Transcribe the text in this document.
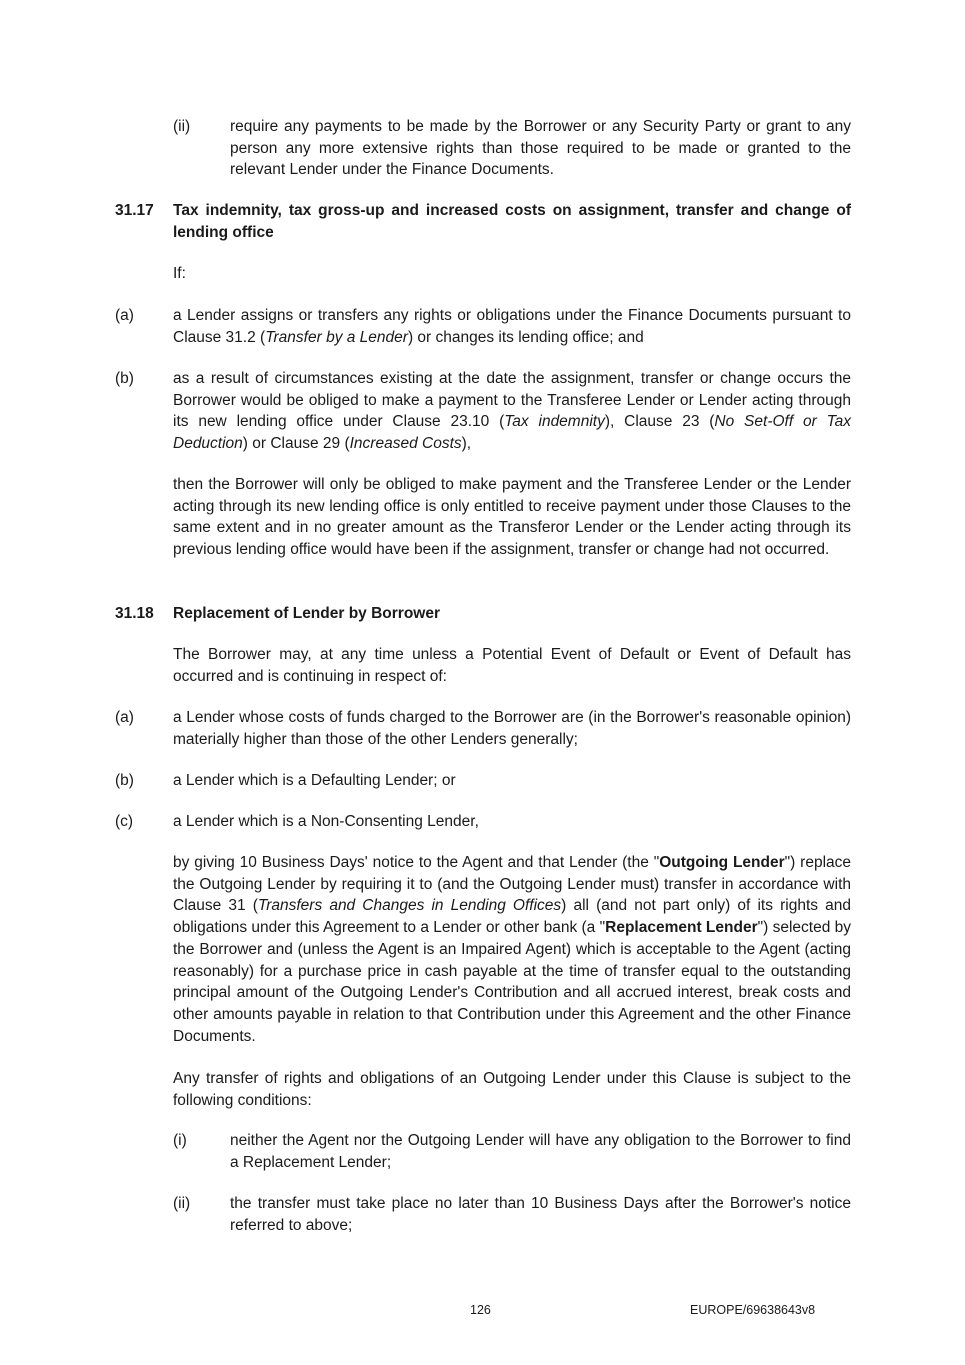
(ii)	require any payments to be made by the Borrower or any Security Party or grant to any person any more extensive rights than those required to be made or granted to the relevant Lender under the Finance Documents.

31.17 Tax indemnity, tax gross-up and increased costs on assignment, transfer and change of lending office

If:

(a)	a Lender assigns or transfers any rights or obligations under the Finance Documents pursuant to Clause 31.2 (Transfer by a Lender) or changes its lending office; and

(b)	as a result of circumstances existing at the date the assignment, transfer or change occurs the Borrower would be obliged to make a payment to the Transferee Lender or Lender acting through its new lending office under Clause 23.10 (Tax indemnity), Clause 23 (No Set-Off or Tax Deduction) or Clause 29 (Increased Costs),

then the Borrower will only be obliged to make payment and the Transferee Lender or the Lender acting through its new lending office is only entitled to receive payment under those Clauses to the same extent and in no greater amount as the Transferor Lender or the Lender acting through its previous lending office would have been if the assignment, transfer or change had not occurred.

31.18 Replacement of Lender by Borrower

The Borrower may, at any time unless a Potential Event of Default or Event of Default has occurred and is continuing in respect of:

(a)	a Lender whose costs of funds charged to the Borrower are (in the Borrower's reasonable opinion) materially higher than those of the other Lenders generally;

(b)	a Lender which is a Defaulting Lender; or

(c)	a Lender which is a Non-Consenting Lender,

by giving 10 Business Days' notice to the Agent and that Lender (the "Outgoing Lender") replace the Outgoing Lender by requiring it to (and the Outgoing Lender must) transfer in accordance with Clause 31 (Transfers and Changes in Lending Offices) all (and not part only) of its rights and obligations under this Agreement to a Lender or other bank (a "Replacement Lender") selected by the Borrower and (unless the Agent is an Impaired Agent) which is acceptable to the Agent (acting reasonably) for a purchase price in cash payable at the time of transfer equal to the outstanding principal amount of the Outgoing Lender's Contribution and all accrued interest, break costs and other amounts payable in relation to that Contribution under this Agreement and the other Finance Documents.

Any transfer of rights and obligations of an Outgoing Lender under this Clause is subject to the following conditions:

(i)	neither the Agent nor the Outgoing Lender will have any obligation to the Borrower to find a Replacement Lender;

(ii)	the transfer must take place no later than 10 Business Days after the Borrower's notice referred to above;

126	EUROPE/69638643v8
